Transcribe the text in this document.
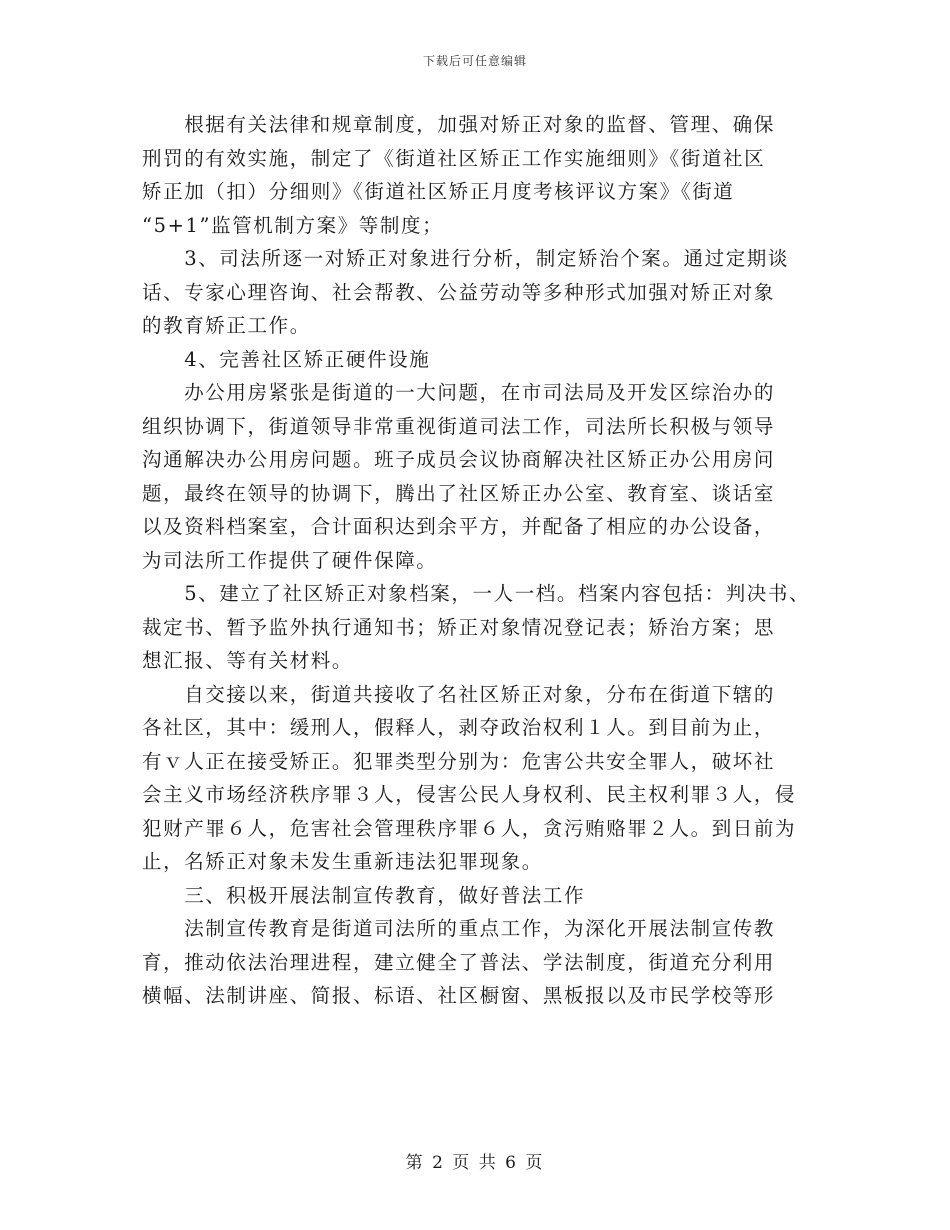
下载后可任意编辑

　　根据有关法律和规章制度，加强对矫正对象的监督、管理、确保
刑罚的有效实施，制定了《街道社区矫正工作实施细则》《街道社区
矫正加（扣）分细则》《街道社区矫正月度考核评议方案》《街道
“5+1”监管机制方案》等制度；
　　3、司法所逐一对矫正对象进行分析，制定矫治个案。通过定期谈
话、专家心理咨询、社会帮教、公益劳动等多种形式加强对矫正对象
的教育矫正工作。
　　4、完善社区矫正硬件设施
　　办公用房紧张是街道的一大问题，在市司法局及开发区综治办的
组织协调下，街道领导非常重视街道司法工作，司法所长积极与领导
沟通解决办公用房问题。班子成员会议协商解决社区矫正办公用房问
题，最终在领导的协调下，腾出了社区矫正办公室、教育室、谈话室
以及资料档案室，合计面积达到余平方，并配备了相应的办公设备，
为司法所工作提供了硬件保障。
　　5、建立了社区矫正对象档案，一人一档。档案内容包括：判决书、
裁定书、暂予监外执行通知书；矫正对象情况登记表；矫治方案；思
想汇报、等有关材料。
　　自交接以来，街道共接收了名社区矫正对象，分布在街道下辖的
各社区，其中：缓刑人，假释人，剥夺政治权利１人。到目前为止，
有ｖ人正在接受矫正。犯罪类型分别为：危害公共安全罪人，破坏社
会主义市场经济秩序罪３人，侵害公民人身权利、民主权利罪３人，侵
犯财产罪６人，危害社会管理秩序罪６人，贪污贿赂罪２人。到日前为
止，名矫正对象未发生重新违法犯罪现象。
　　三、积极开展法制宣传教育，做好普法工作
　　法制宣传教育是街道司法所的重点工作，为深化开展法制宣传教
育，推动依法治理进程，建立健全了普法、学法制度，街道充分利用
横幅、法制讲座、简报、标语、社区橱窗、黑板报以及市民学校等形

第 2 页 共 6 页
